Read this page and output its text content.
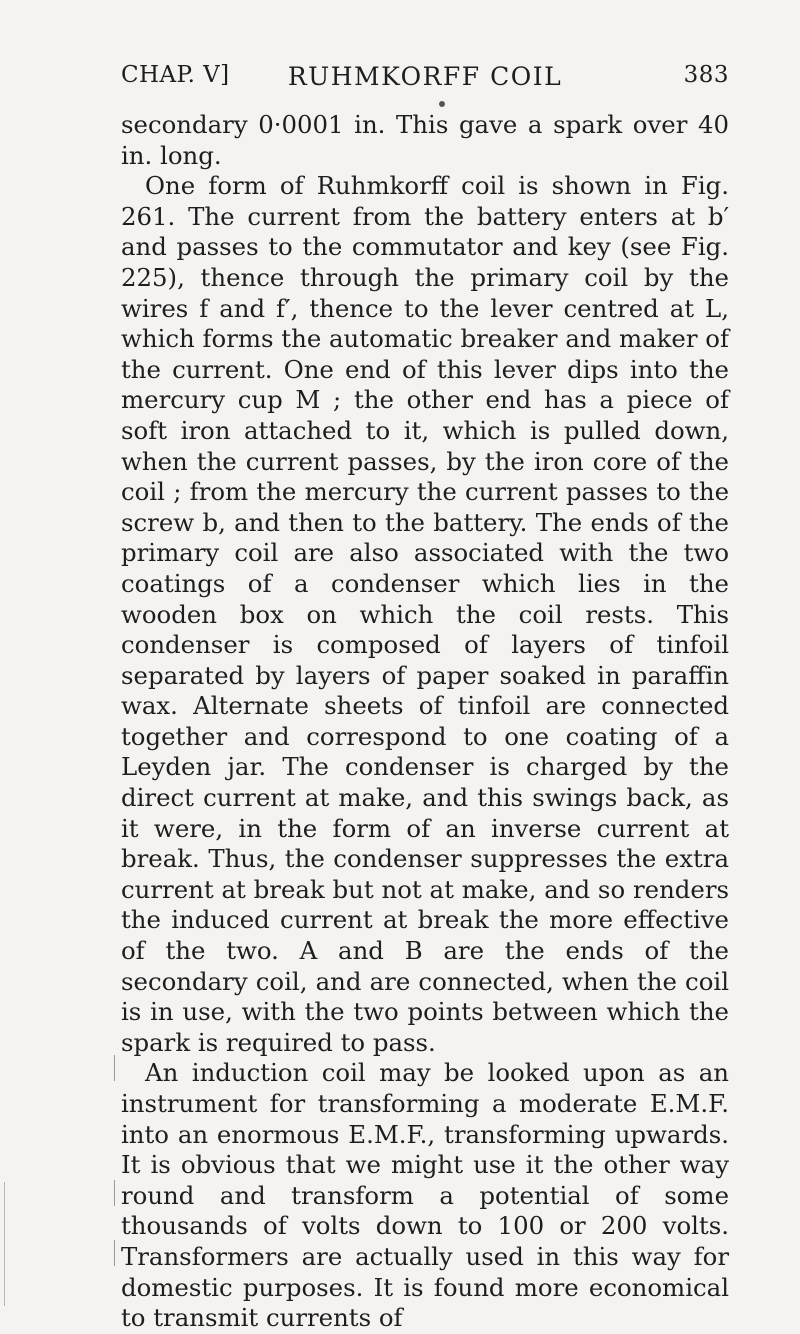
CHAP. V]	RUHMKORFF COIL	383

secondary 0·0001 in. This gave a spark over 40 in. long.

One form of Ruhmkorff coil is shown in Fig. 261. The current from the battery enters at b′ and passes to the commutator and key (see Fig. 225), thence through the primary coil by the wires f and f′, thence to the lever centred at L, which forms the automatic breaker and maker of the current. One end of this lever dips into the mercury cup M ; the other end has a piece of soft iron attached to it, which is pulled down, when the current passes, by the iron core of the coil ; from the mercury the current passes to the screw b, and then to the battery. The ends of the primary coil are also associated with the two coatings of a condenser which lies in the wooden box on which the coil rests. This condenser is composed of layers of tinfoil separated by layers of paper soaked in paraffin wax. Alternate sheets of tinfoil are connected together and correspond to one coating of a Leyden jar. The condenser is charged by the direct current at make, and this swings back, as it were, in the form of an inverse current at break. Thus, the condenser suppresses the extra current at break but not at make, and so renders the induced current at break the more effective of the two. A and B are the ends of the secondary coil, and are connected, when the coil is in use, with the two points between which the spark is required to pass.

An induction coil may be looked upon as an instrument for transforming a moderate E.M.F. into an enormous E.M.F., transforming upwards. It is obvious that we might use it the other way round and transform a potential of some thousands of volts down to 100 or 200 volts. Transformers are actually used in this way for domestic purposes. It is found more economical to transmit currents of
